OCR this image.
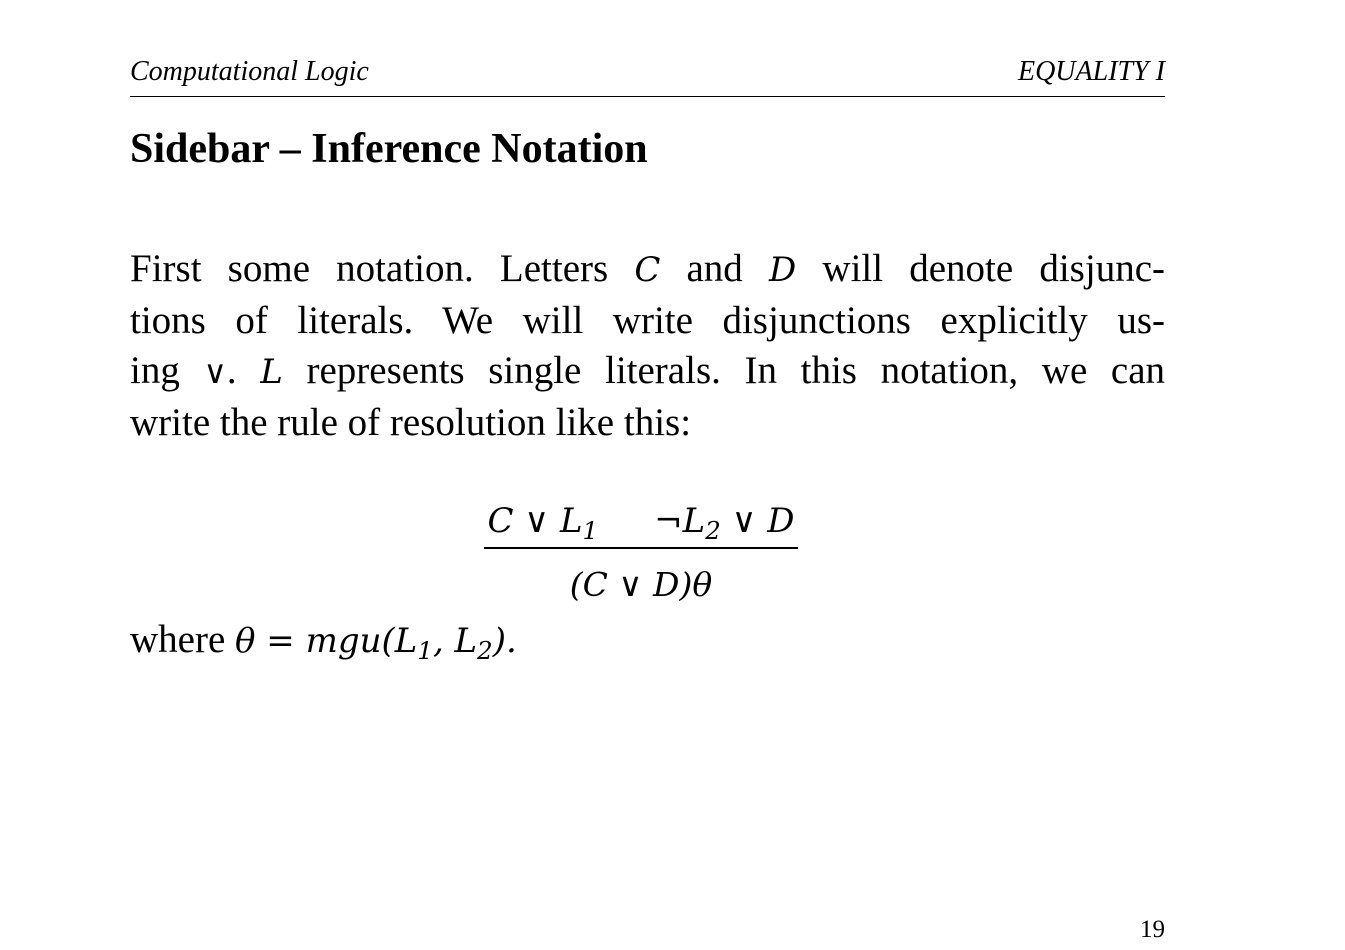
Computational Logic	EQUALITY I
Sidebar – Inference Notation
First some notation. Letters C and D will denote disjunc-
tions of literals. We will write disjunctions explicitly us-
ing ∨. L represents single literals. In this notation, we can
write the rule of resolution like this:
C ∨ $L_1$ $\neg L_2$ ∨ D
(C ∨ D)θ
where $\theta = mgu(L_1$, $L_2$).
19
